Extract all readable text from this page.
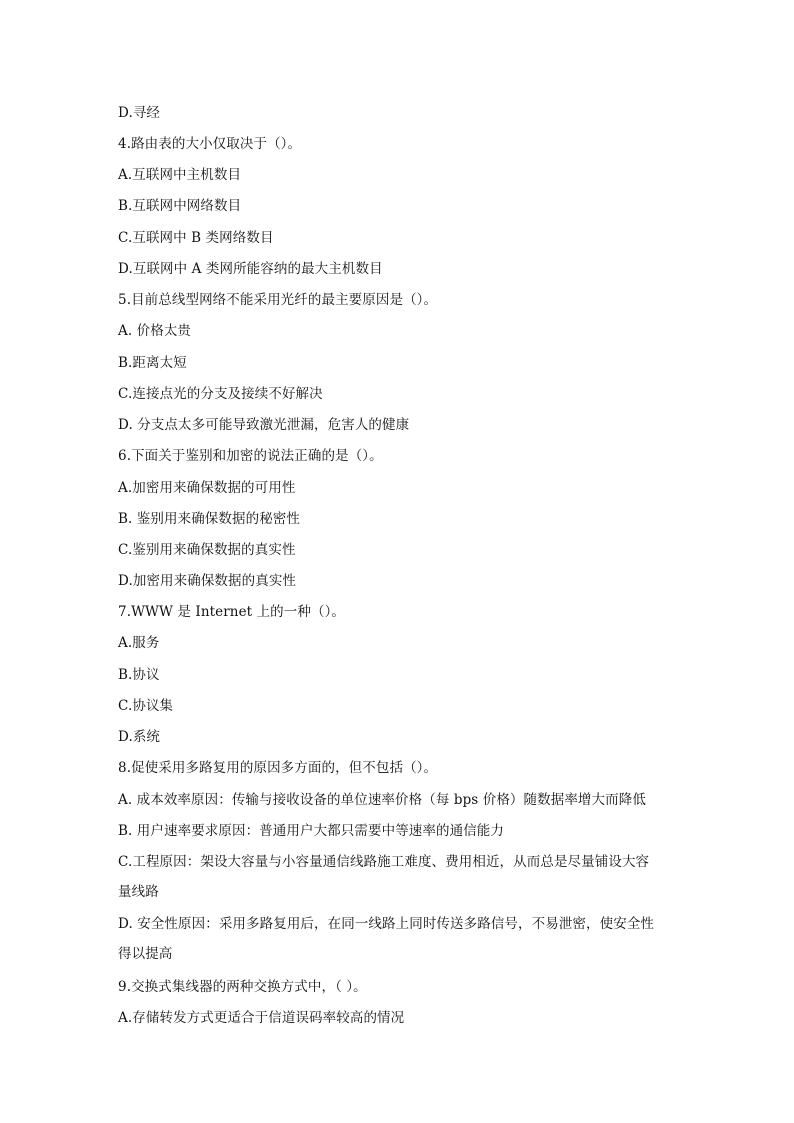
D.寻经
4.路由表的大小仅取决于（）。
A.互联网中主机数目
B.互联网中网络数目
C.互联网中 B 类网络数目
D.互联网中 A 类网所能容纳的最大主机数目
5.目前总线型网络不能采用光纤的最主要原因是（）。
A. 价格太贵
B.距离太短
C.连接点光的分支及接续不好解决
D. 分支点太多可能导致激光泄漏，危害人的健康
6.下面关于鉴别和加密的说法正确的是（）。
A.加密用来确保数据的可用性
B. 鉴别用来确保数据的秘密性
C.鉴别用来确保数据的真实性
D.加密用来确保数据的真实性
7.WWW 是 Internet 上的一种（）。
A.服务
B.协议
C.协议集
D.系统
8.促使采用多路复用的原因多方面的，但不包括（）。
A. 成本效率原因：传输与接收设备的单位速率价格（每 bps 价格）随数据率增大而降低
B. 用户速率要求原因：普通用户大都只需要中等速率的通信能力
C.工程原因：架设大容量与小容量通信线路施工难度、费用相近，从而总是尽量铺设大容
量线路
D. 安全性原因：采用多路复用后，在同一线路上同时传送多路信号，不易泄密，使安全性
得以提高
9.交换式集线器的两种交换方式中，（ ）。
A.存储转发方式更适合于信道误码率较高的情况
